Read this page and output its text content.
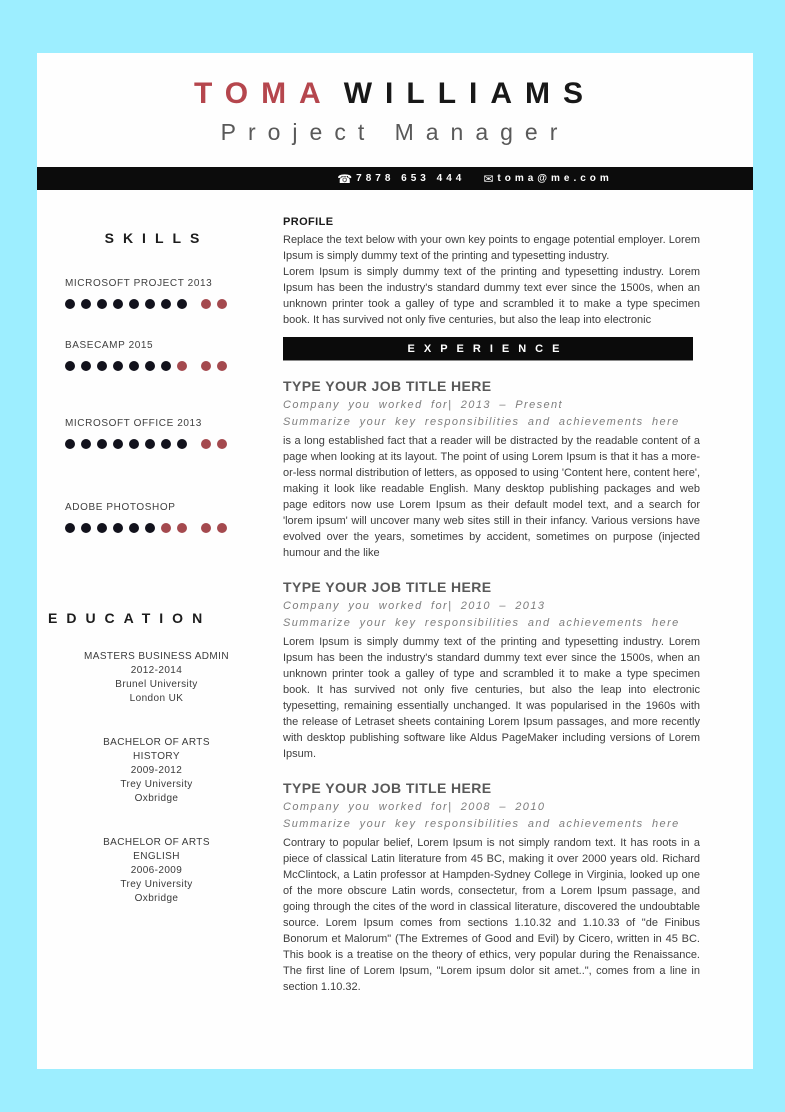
TOMA WILLIAMS
Project Manager
☎ 7878 653 444 ✉ toma@me.com
SKILLS
MICROSOFT PROJECT 2013
BASECAMP 2015
MICROSOFT OFFICE 2013
ADOBE PHOTOSHOP
EDUCATION
MASTERS BUSINESS ADMIN
2012-2014
Brunel University
London UK
BACHELOR OF ARTS
HISTORY
2009-2012
Trey University
Oxbridge
BACHELOR OF ARTS
ENGLISH
2006-2009
Trey University
Oxbridge
PROFILE

Replace the text below with your own key points to engage potential employer. Lorem Ipsum is simply dummy text of the printing and typesetting industry.

Lorem Ipsum is simply dummy text of the printing and typesetting industry. Lorem Ipsum has been the industry's standard dummy text ever since the 1500s, when an unknown printer took a galley of type and scrambled it to make a type specimen book. It has survived not only five centuries, but also the leap into electronic

EXPERIENCE
TYPE YOUR JOB TITLE HERE
Company you worked for| 2013 – Present
Summarize your key responsibilities and achievements here

is a long established fact that a reader will be distracted by the readable content of a page when looking at its layout. The point of using Lorem Ipsum is that it has a more-or-less normal distribution of letters, as opposed to using 'Content here, content here', making it look like readable English. Many desktop publishing packages and web page editors now use Lorem Ipsum as their default model text, and a search for 'lorem ipsum' will uncover many web sites still in their infancy. Various versions have evolved over the years, sometimes by accident, sometimes on purpose (injected humour and the like

TYPE YOUR JOB TITLE HERE
Company you worked for| 2010 – 2013
Summarize your key responsibilities and achievements here

Lorem Ipsum is simply dummy text of the printing and typesetting industry. Lorem Ipsum has been the industry's standard dummy text ever since the 1500s, when an unknown printer took a galley of type and scrambled it to make a type specimen book. It has survived not only five centuries, but also the leap into electronic typesetting, remaining essentially unchanged. It was popularised in the 1960s with the release of Letraset sheets containing Lorem Ipsum passages, and more recently with desktop publishing software like Aldus PageMaker including versions of Lorem Ipsum.

TYPE YOUR JOB TITLE HERE
Company you worked for| 2008 – 2010
Summarize your key responsibilities and achievements here

Contrary to popular belief, Lorem Ipsum is not simply random text. It has roots in a piece of classical Latin literature from 45 BC, making it over 2000 years old. Richard McClintock, a Latin professor at Hampden-Sydney College in Virginia, looked up one of the more obscure Latin words, consectetur, from a Lorem Ipsum passage, and going through the cites of the word in classical literature, discovered the undoubtable source. Lorem Ipsum comes from sections 1.10.32 and 1.10.33 of "de Finibus Bonorum et Malorum" (The Extremes of Good and Evil) by Cicero, written in 45 BC. This book is a treatise on the theory of ethics, very popular during the Renaissance. The first line of Lorem Ipsum, "Lorem ipsum dolor sit amet..", comes from a line in section 1.10.32.
